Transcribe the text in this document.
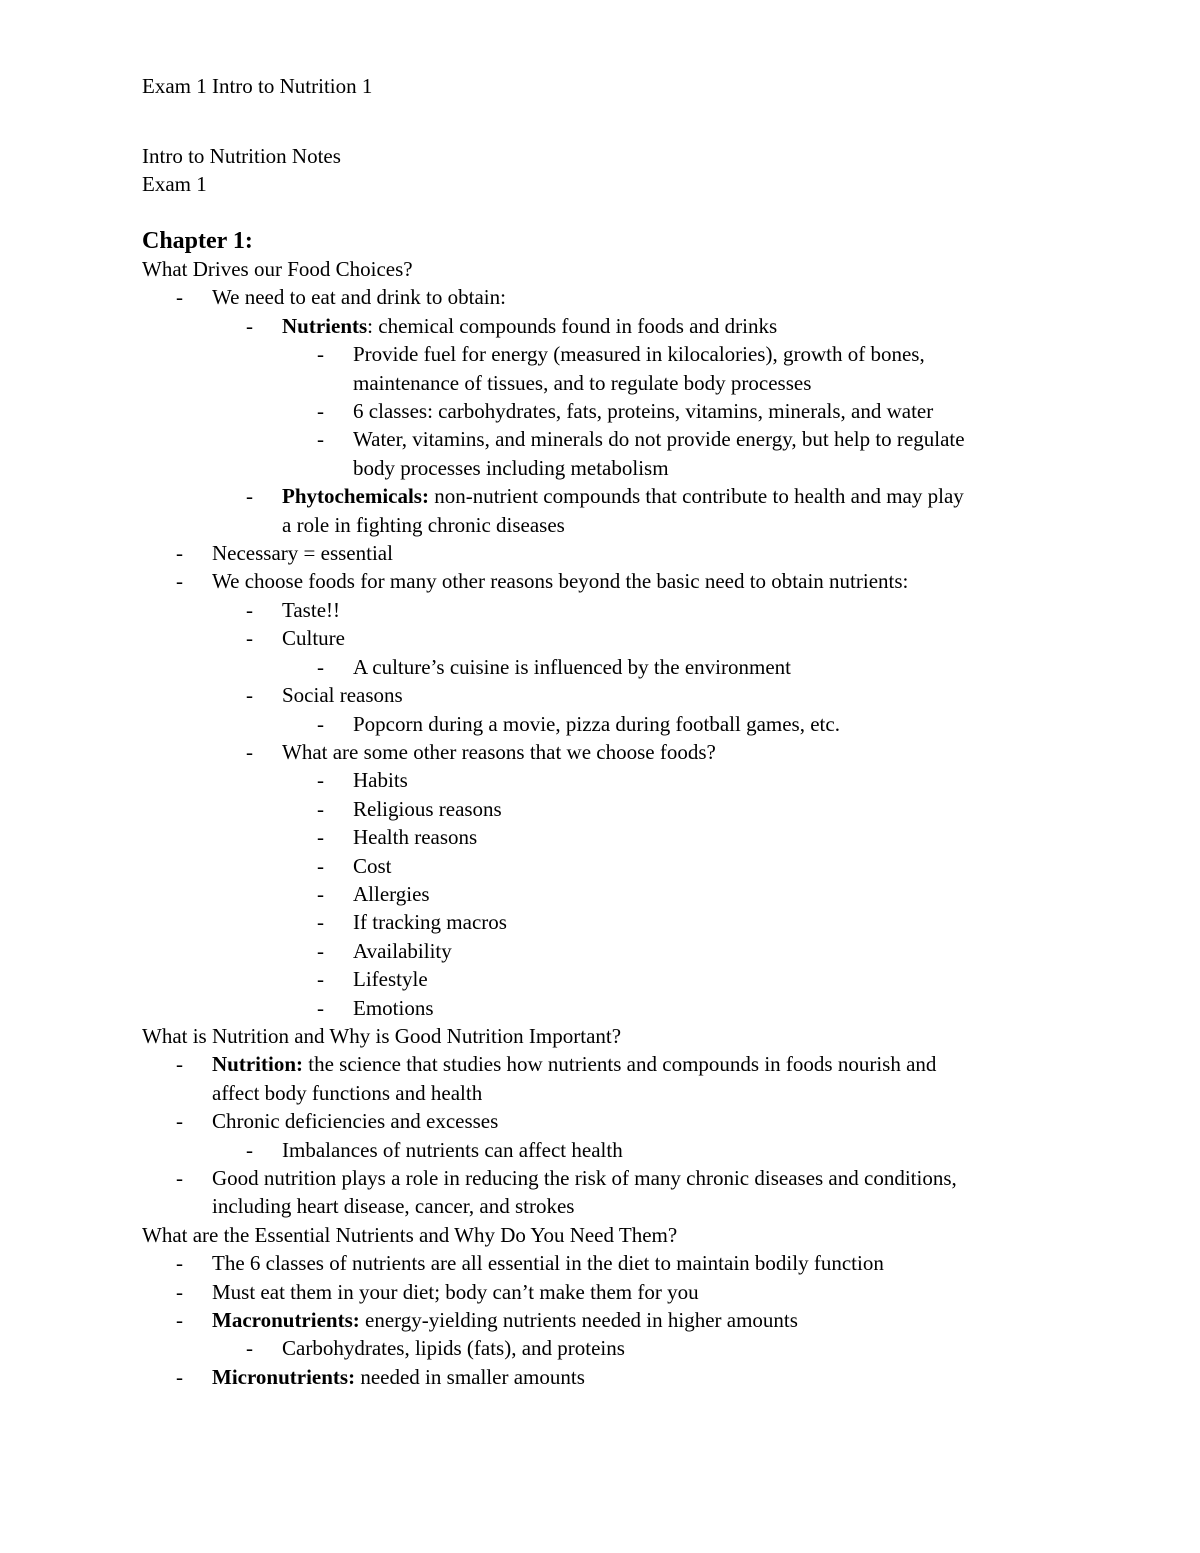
Exam 1 Intro to Nutrition 1
Intro to Nutrition Notes
Exam 1
Chapter 1:
What Drives our Food Choices?
- We need to eat and drink to obtain:
- Nutrients: chemical compounds found in foods and drinks
- Provide fuel for energy (measured in kilocalories), growth of bones,
maintenance of tissues, and to regulate body processes
- 6 classes: carbohydrates, fats, proteins, vitamins, minerals, and water
- Water, vitamins, and minerals do not provide energy, but help to regulate
body processes including metabolism
- Phytochemicals: non-nutrient compounds that contribute to health and may play
a role in fighting chronic diseases
- Necessary = essential
- We choose foods for many other reasons beyond the basic need to obtain nutrients:
- Taste!!
- Culture
- A culture’s cuisine is influenced by the environment
- Social reasons
- Popcorn during a movie, pizza during football games, etc.
- What are some other reasons that we choose foods?
- Habits
- Religious reasons
- Health reasons
- Cost
- Allergies
- If tracking macros
- Availability
- Lifestyle
- Emotions
What is Nutrition and Why is Good Nutrition Important?
- Nutrition: the science that studies how nutrients and compounds in foods nourish and
affect body functions and health
- Chronic deficiencies and excesses
- Imbalances of nutrients can affect health
- Good nutrition plays a role in reducing the risk of many chronic diseases and conditions,
including heart disease, cancer, and strokes
What are the Essential Nutrients and Why Do You Need Them?
- The 6 classes of nutrients are all essential in the diet to maintain bodily function
- Must eat them in your diet; body can’t make them for you
- Macronutrients: energy-yielding nutrients needed in higher amounts
- Carbohydrates, lipids (fats), and proteins
- Micronutrients: needed in smaller amounts
